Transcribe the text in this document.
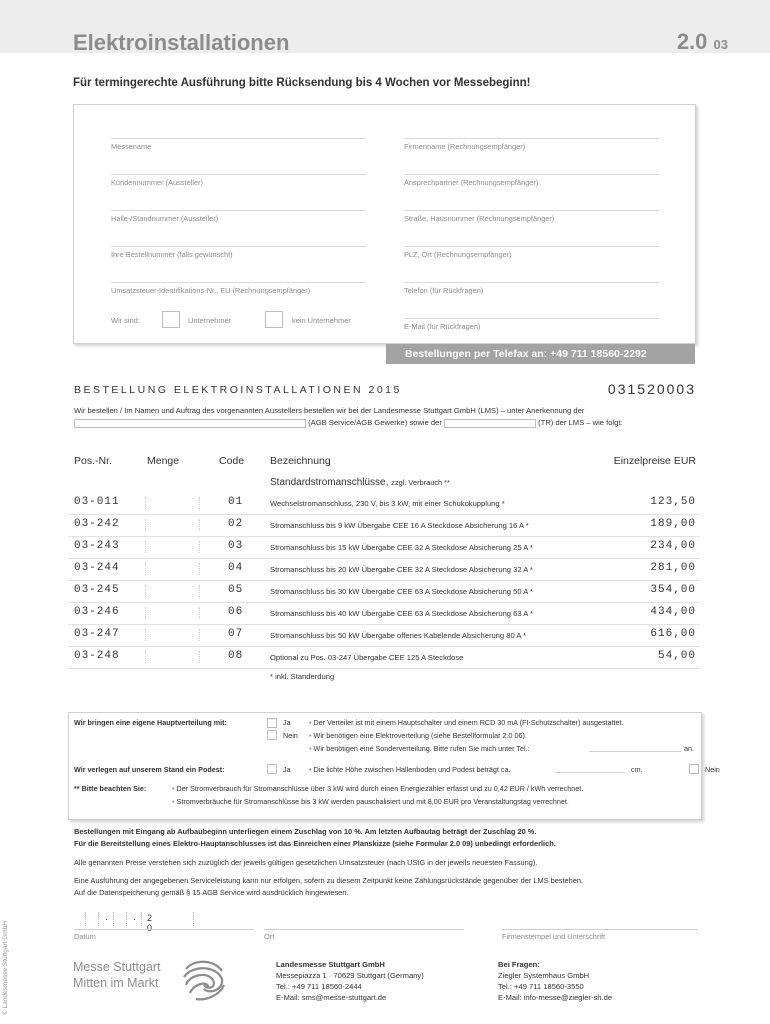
Elektroinstallationen	2.0 03
Für termingerechte Ausführung bitte Rücksendung bis 4 Wochen vor Messebeginn!
Messename
Kundennummer (Aussteller)
Halle-/Standnummer (Aussteller)
Ihre Bestellnummer (falls gewünscht)
Umsatzsteuer-Identifikations-Nr., EU (Rechnungsempfänger)
Firmenname (Rechnungsempfänger)
Ansprechpartner (Rechnungsempfänger)
Straße, Hausnummer (Rechnungsempfänger)
PLZ, Ort (Rechnungsempfänger)
Telefon (für Rückfragen)
E-Mail (für Rückfragen)
Wir sind:	Unternehmer	kein Unternehmer
Bestellungen per Telefax an: +49 711 18560-2292
BESTELLUNG ELEKTROINSTALLATIONEN 2015	031520003
Wir bestellen / Im Namen und Auftrag des vorgenannten Ausstellers bestellen wir bei der Landesmesse Stuttgart GmbH (LMS) – unter Anerkennung der
(AGB Service/AGB Gewerke) sowie der	(TR) der LMS – wie folgt:
Pos.-Nr.	Menge	Code Bezeichnung	Einzelpreise EUR
Standardstromanschlüsse, zzgl. Verbrauch **
03-011	01	Wechselstromanschluss, 230 V, bis 3 kW, mit einer Schukokupplung *	123,50
03-242	02	Stromanschluss bis 9 kW Übergabe CEE 16 A Steckdose Absicherung 16 A *	189,00
03-243	03	Stromanschluss bis 15 kW Übergabe CEE 32 A Steckdose Absicherung 25 A *	234,00
03-244	04	Stromanschluss bis 20 kW Übergabe CEE 32 A Steckdose Absicherung 32 A *	281,00
03-245	05	Stromanschluss bis 30 kW Übergabe CEE 63 A Steckdose Absicherung 50 A *	354,00
03-246	06	Stromanschluss bis 40 kW Übergabe CEE 63 A Steckdose Absicherung 63 A *	434,00
03-247	07	Stromanschluss bis 50 kW Übergabe offenes Kabelende Absicherung 80 A *	616,00
03-248	08	Optional zu Pos. 03-247 Übergabe CEE 125 A Steckdose	54,00
* inkl. Standerdung
Wir bringen eine eigene Hauptverteilung mit:	Ja	• Der Verteiler ist mit einem Hauptschalter und einem RCD 30 mA (FI-Schutzschalter) ausgestattet.
Nein • Wir benötigen eine Elektroverteilung (siehe Bestellformular 2.0 06).
• Wir benötigen eine Sonderverteilung. Bitte rufen Sie mich unter Tel.:	an.
Wir verlegen auf unserem Stand ein Podest:	Ja	• Die lichte Höhe zwischen Hallenboden und Podest beträgt ca.	cm.	Nein
** Bitte beachten Sie:	• Der Stromverbrauch für Stromanschlüsse über 3 kW wird durch einen Energiezähler erfasst und zu 0,42 EUR / kWh verrechnet.
• Stromverbräuche für Stromanschlüsse bis 3 kW werden pauschalisiert und mit 8,00 EUR pro Veranstaltungstag verrechnet.
Bestellungen mit Eingang ab Aufbaubeginn unterliegen einem Zuschlag von 10 %. Am letzten Aufbautag beträgt der Zuschlag 20 %.
Für die Bereitstellung eines Elektro-Hauptanschlusses ist das Einreichen einer Planskizze (siehe Formular 2.0 09) unbedingt erforderlich.
Alle genannten Preise verstehen sich zuzüglich der jeweils gültigen gesetzlichen Umsatzsteuer (nach UStG in der jeweils neuesten Fassung).
Eine Ausführung der angegebenen Serviceleistung kann nur erfolgen, sofern zu diesem Zeitpunkt keine Zahlungsrückstände gegenüber der LMS bestehen.
Auf die Datenspeicherung gemäß § 15 AGB Service wird ausdrücklich hingewiesen.
.	.	2 0
Datum	Ort	Firmenstempel und Unterschrift
Messe Stuttgart
Mitten im Markt
Landesmesse Stuttgart GmbH
Messepiazza 1 · 70629 Stuttgart (Germany)
Tel.: +49 711 18560-2444
E-Mail: sms@messe-stuttgart.de
Bei Fragen:
Ziegler Systemhaus GmbH
Tel.: +49 711 18560-3550
E-Mail: info-messe@ziegler-sh.de
© Landesmesse Stuttgart GmbH
